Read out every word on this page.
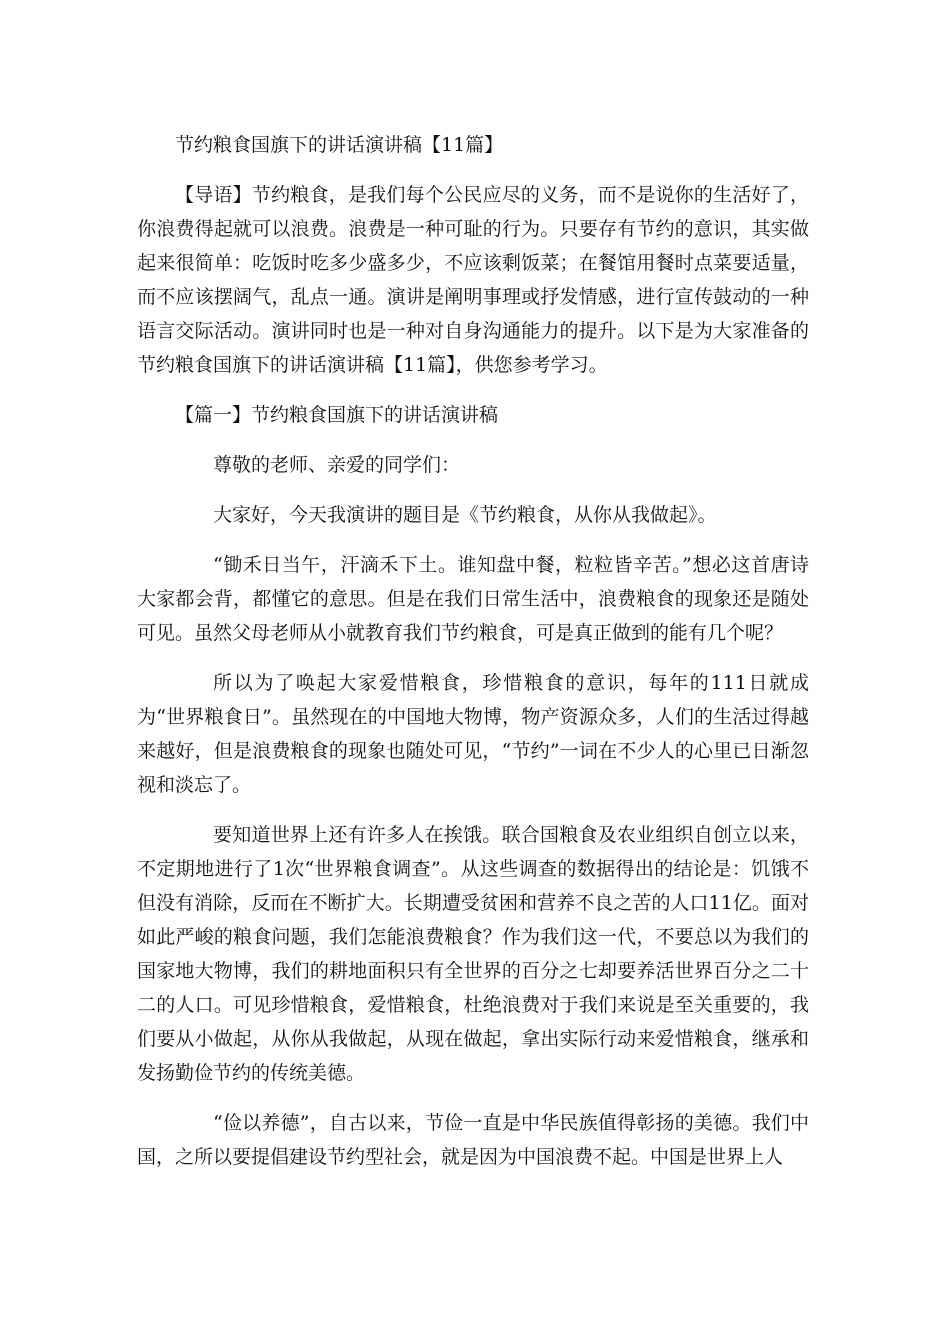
节约粮食国旗下的讲话演讲稿【11篇】
【导语】节约粮食，是我们每个公民应尽的义务，而不是说你的生活好了，你浪费得起就可以浪费。浪费是一种可耻的行为。只要存有节约的意识，其实做起来很简单：吃饭时吃多少盛多少，不应该剩饭菜；在餐馆用餐时点菜要适量，而不应该摆阔气，乱点一通。演讲是阐明事理或抒发情感，进行宣传鼓动的一种语言交际活动。演讲同时也是一种对自身沟通能力的提升。以下是为大家准备的节约粮食国旗下的讲话演讲稿【11篇】，供您参考学习。
【篇一】节约粮食国旗下的讲话演讲稿
尊敬的老师、亲爱的同学们：
大家好，今天我演讲的题目是《节约粮食，从你从我做起》。
“锄禾日当午，汗滴禾下土。谁知盘中餐，粒粒皆辛苦。”想必这首唐诗大家都会背，都懂它的意思。但是在我们日常生活中，浪费粮食的现象还是随处可见。虽然父母老师从小就教育我们节约粮食，可是真正做到的能有几个呢？
所以为了唤起大家爱惜粮食，珍惜粮食的意识，每年的111日就成为“世界粮食日”。虽然现在的中国地大物博，物产资源众多，人们的生活过得越来越好，但是浪费粮食的现象也随处可见，“节约”一词在不少人的心里已日渐忽视和淡忘了。
要知道世界上还有许多人在挨饿。联合国粮食及农业组织自创立以来，不定期地进行了1次“世界粮食调查”。从这些调查的数据得出的结论是：饥饿不但没有消除，反而在不断扩大。长期遭受贫困和营养不良之苦的人口11亿。面对如此严峻的粮食问题，我们怎能浪费粮食？作为我们这一代，不要总以为我们的国家地大物博，我们的耕地面积只有全世界的百分之七却要养活世界百分之二十二的人口。可见珍惜粮食，爱惜粮食，杜绝浪费对于我们来说是至关重要的，我们要从小做起，从你从我做起，从现在做起，拿出实际行动来爱惜粮食，继承和发扬勤俭节约的传统美德。
“俭以养德”，自古以来，节俭一直是中华民族值得彰扬的美德。我们中国，之所以要提倡建设节约型社会，就是因为中国浪费不起。中国是世界上人
